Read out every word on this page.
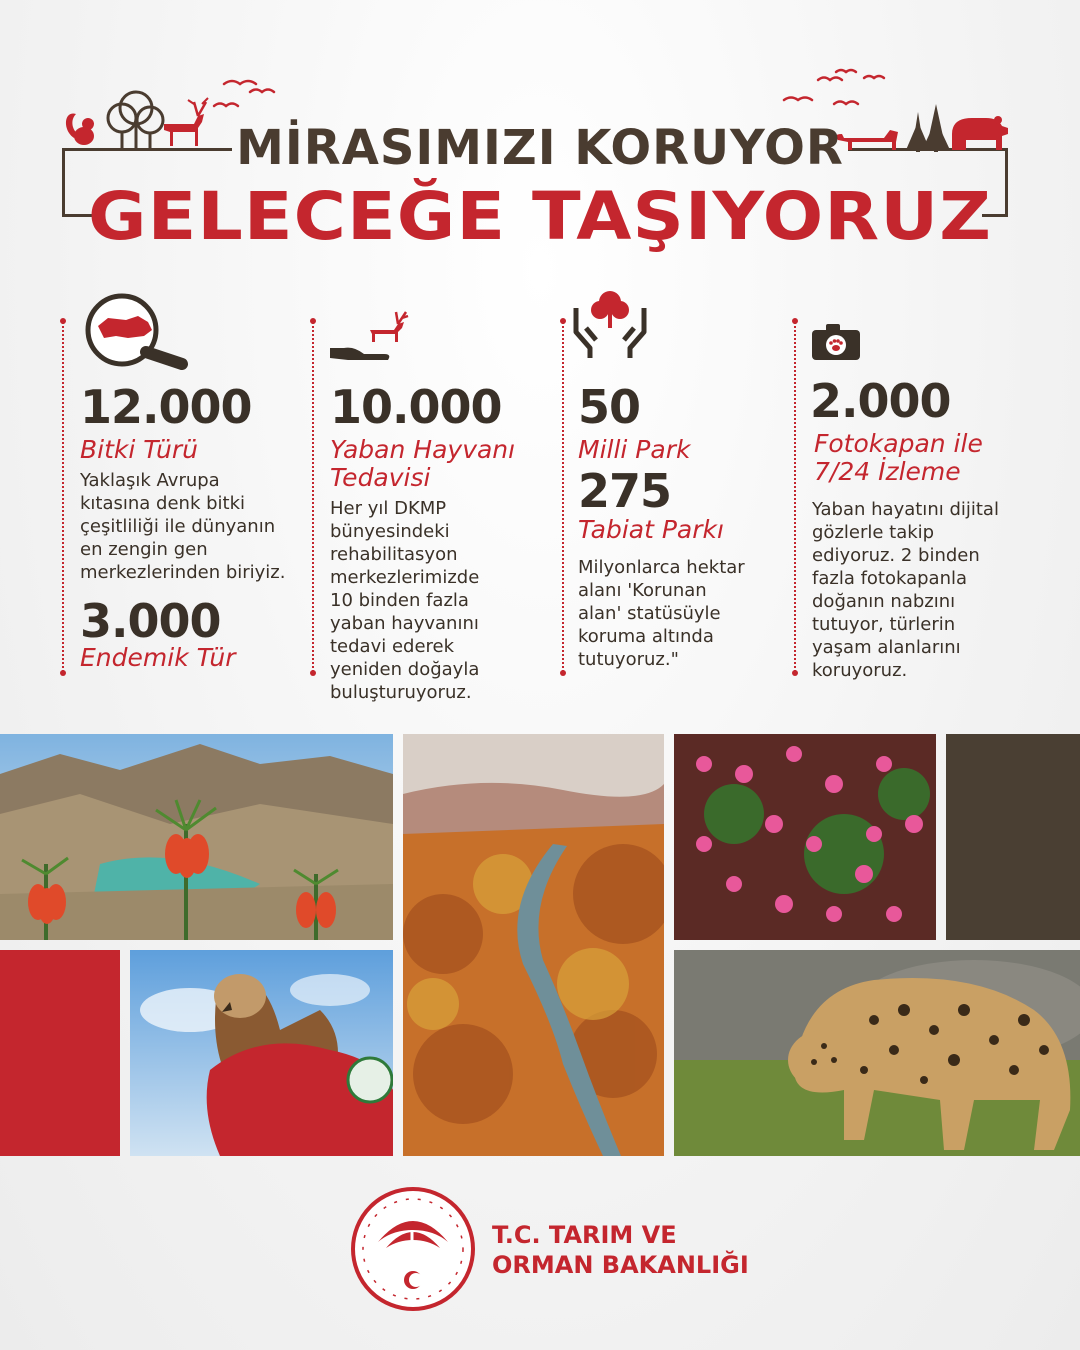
MİRASIMIZI KORUYOR
GELECEĞE TAŞIYORUZ
12.000
Bitki Türü
Yaklaşık Avrupa
kıtasına denk bitki
çeşitliliği ile dünyanın
en zengin gen
merkezlerinden biriyiz.
3.000
Endemik Tür
10.000
Yaban Hayvanı
Tedavisi
Her yıl DKMP
bünyesindeki
rehabilitasyon
merkezlerimizde
10 binden fazla
yaban hayvanını
tedavi ederek
yeniden doğayla
buluşturuyoruz.
50
Milli Park
275
Tabiat Parkı
Milyonlarca hektar
alanı 'Korunan
alan' statüsüyle
koruma altında
tutuyoruz."
2.000
Fotokapan ile
7/24 İzleme
Yaban hayatını dijital
gözlerle takip
ediyoruz. 2 binden
fazla fotokapanla
doğanın nabzını
tutuyor, türlerin
yaşam alanlarını
koruyoruz.
T.C. TARIM VE
ORMAN BAKANLIĞI
